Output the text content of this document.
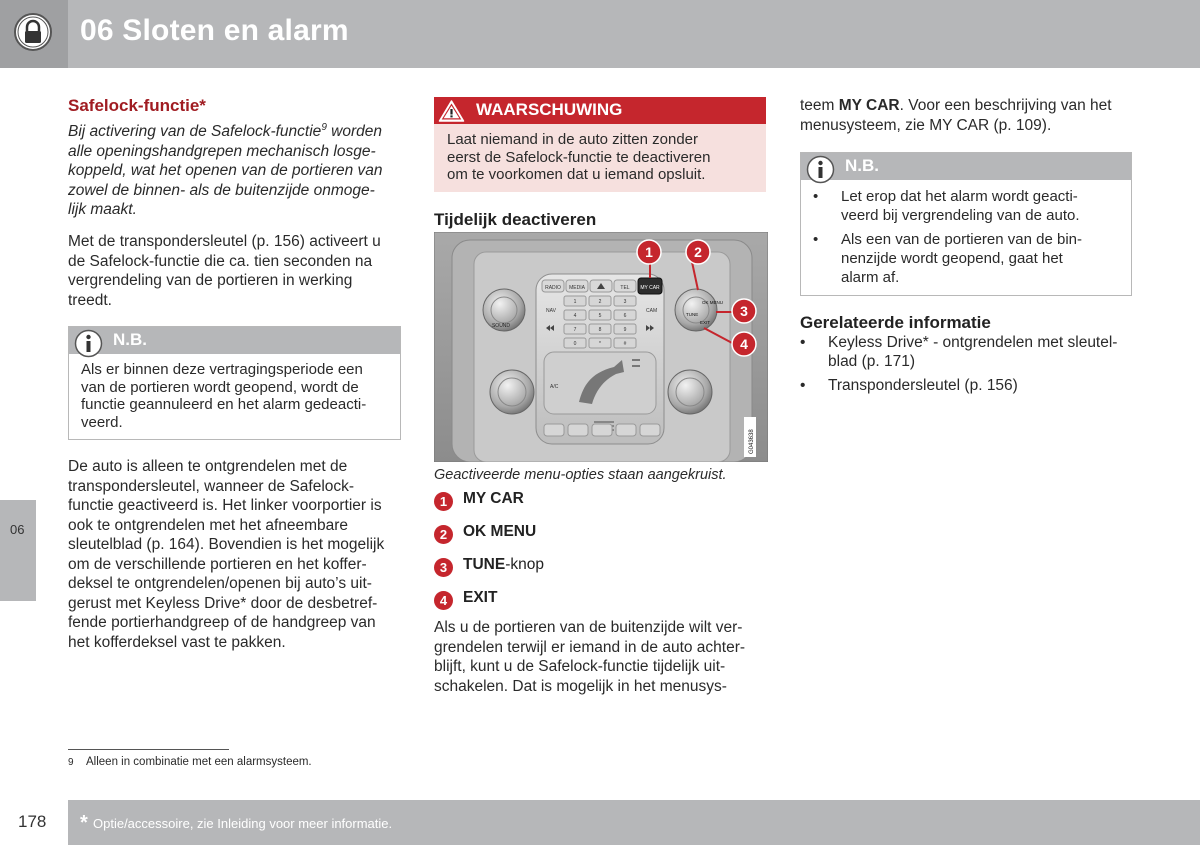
06 Sloten en alarm
06
Safelock-functie*
Bij activering van de Safelock-functie$^9$ worden
alle openingshandgrepen mechanisch losge-
koppeld, wat het openen van de portieren van
zowel de binnen- als de buitenzijde onmoge-
lijk maakt.
Met de transpondersleutel (p. 156) activeert u
de Safelock-functie die ca. tien seconden na
vergrendeling van de portieren in werking
treedt.
N.B.
Als er binnen deze vertragingsperiode een
van de portieren wordt geopend, wordt de
functie geannuleerd en het alarm gedeacti-
veerd.
De auto is alleen te ontgrendelen met de
transpondersleutel, wanneer de Safelock-
functie geactiveerd is. Het linker voorportier is
ook te ontgrendelen met het afneembare
sleutelblad (p. 164). Bovendien is het mogelijk
om de verschillende portieren en het koffer-
deksel te ontgrendelen/openen bij auto’s uit-
gerust met Keyless Drive* door de desbetref-
fende portierhandgreep of de handgreep van
het kofferdeksel vast te pakken.
WAARSCHUWING
Laat niemand in de auto zitten zonder
eerst de Safelock-functie te deactiveren
om te voorkomen dat u iemand opsluit.
Tijdelijk deactiveren
RADIO MEDIA	TEL MY CAR
NAV	CAM
1	2	3
4	5	6
7	8	9
0	*	#
A/C
SOUND
OK MENU
TUNE
EXIT
1	2
3
4
G043638
Geactiveerde menu-opties staan aangekruist.
1	MY CAR
2	OK MENU
3	TUNE-knop
4	EXIT
Als u de portieren van de buitenzijde wilt ver-
grendelen terwijl er iemand in de auto achter-
blijft, kunt u de Safelock-functie tijdelijk uit-
schakelen. Dat is mogelijk in het menusys-
teem MY CAR. Voor een beschrijving van het
menusysteem, zie MY CAR (p. 109).
N.B.
• Let erop dat het alarm wordt geacti-
veerd bij vergrendeling van de auto.
• Als een van de portieren van de bin-
nenzijde wordt geopend, gaat het
alarm af.
Gerelateerde informatie
• Keyless Drive* - ontgrendelen met sleutel-
blad (p. 171)
• Transpondersleutel (p. 156)
9 Alleen in combinatie met een alarmsysteem.
178 * Optie/accessoire, zie Inleiding voor meer informatie.
